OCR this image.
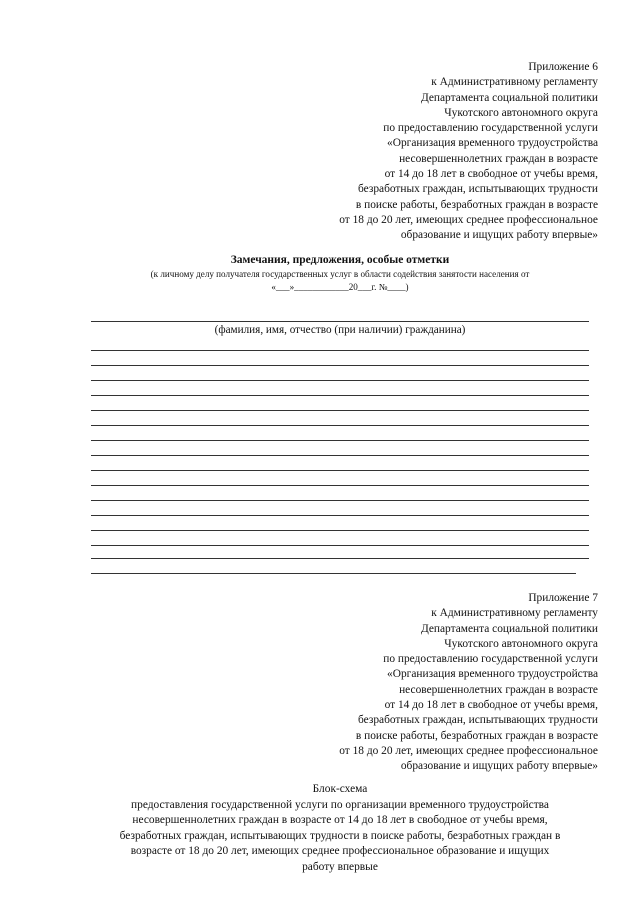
Приложение 6
к Административному регламенту
Департамента социальной политики
Чукотского автономного округа
по предоставлению государственной услуги
«Организация временного трудоустройства
несовершеннолетних граждан в возрасте
от 14 до 18 лет в свободное от учебы время,
безработных граждан, испытывающих трудности
в поиске работы, безработных граждан в возрасте
от 18 до 20 лет, имеющих среднее профессиональное
образование и ищущих работу впервые»
Замечания, предложения, особые отметки
(к личному делу получателя государственных услуг в области содействия занятости населения от
«___»____________20___г. №____)
(фамилия, имя, отчество (при наличии) гражданина)
Приложение 7
к Административному регламенту
Департамента социальной политики
Чукотского автономного округа
по предоставлению государственной услуги
«Организация временного трудоустройства
несовершеннолетних граждан в возрасте
от 14 до 18 лет в свободное от учебы время,
безработных граждан, испытывающих трудности
в поиске работы, безработных граждан в возрасте
от 18 до 20 лет, имеющих среднее профессиональное
образование и ищущих работу впервые»
Блок-схема
предоставления государственной услуги по организации временного трудоустройства
несовершеннолетних граждан в возрасте от 14 до 18 лет в свободное от учебы время,
безработных граждан, испытывающих трудности в поиске работы, безработных граждан в
возрасте от 18 до 20 лет, имеющих среднее профессиональное образование и ищущих
работу впервые
